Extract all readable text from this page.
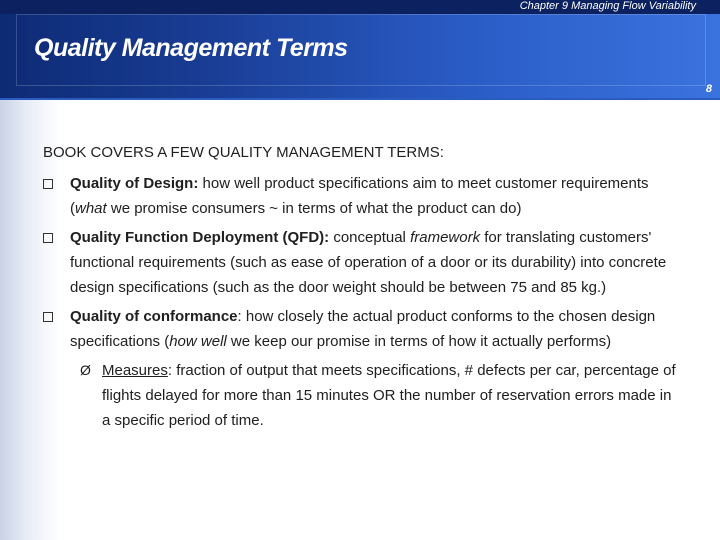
Chapter 9 Managing Flow Variability
Quality Management Terms
8
BOOK COVERS A FEW QUALITY MANAGEMENT TERMS:
Quality of Design: how well product specifications aim to meet customer requirements (what we promise consumers ~ in terms of what the product can do)
Quality Function Deployment (QFD): conceptual framework for translating customers' functional requirements (such as ease of operation of a door or its durability) into concrete design specifications (such as the door weight should be between 75 and 85 kg.)
Quality of conformance: how closely the actual product conforms to the chosen design specifications (how well we keep our promise in terms of how it actually performs)
Ø Measures: fraction of output that meets specifications, # defects per car, percentage of flights delayed for more than 15 minutes OR the number of reservation errors made in a specific period of time.
